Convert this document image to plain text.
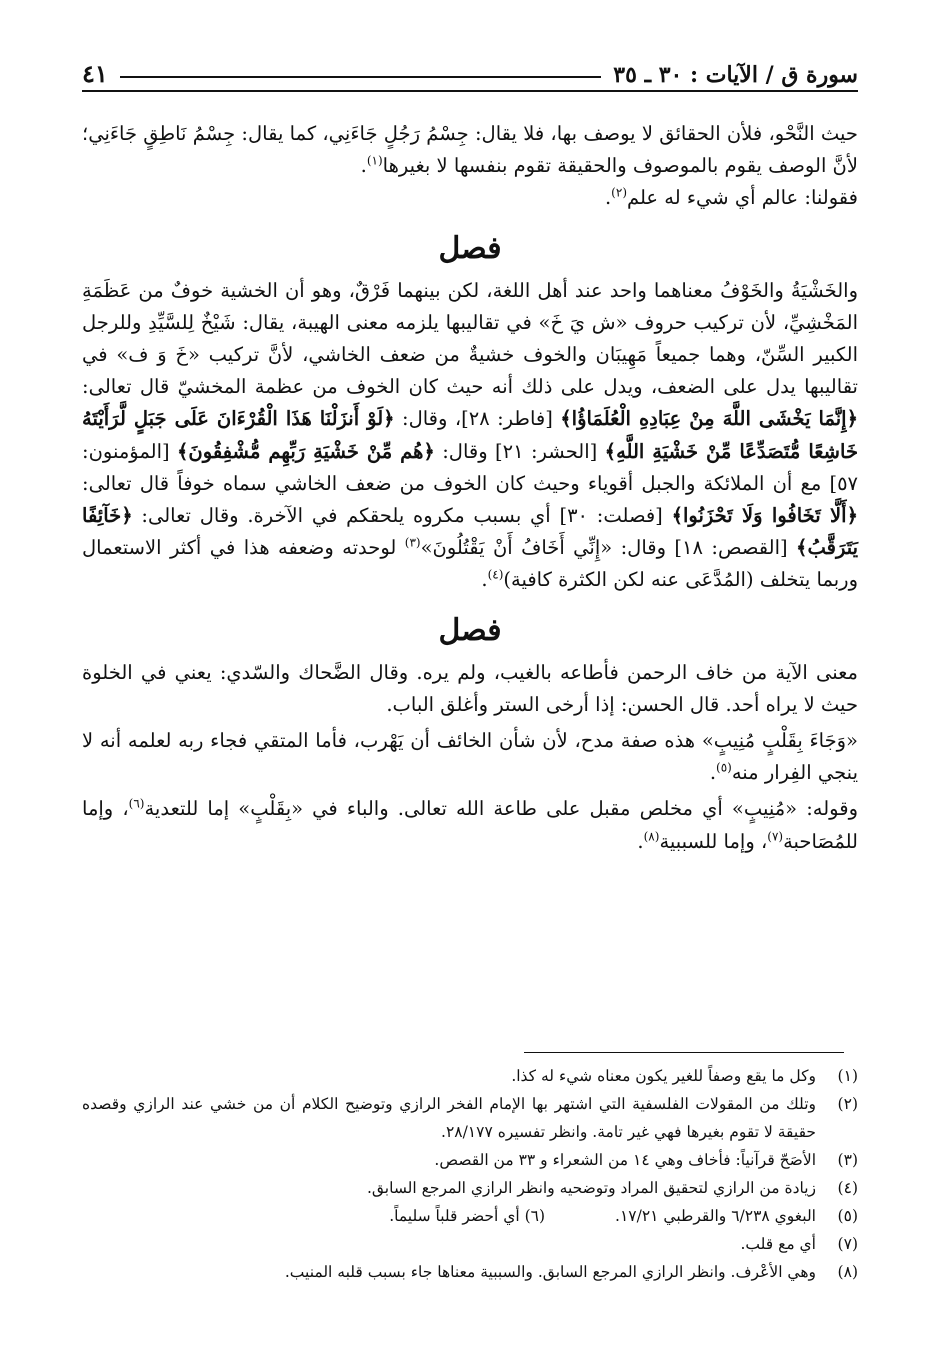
سورة ق / الآيات : ٣٠ ـ ٣٥
٤١

حيث النَّحْو، فلأن الحقائق لا يوصف بها، فلا يقال: جِسْمُ رَجُلٍ جَاءَنِي، كما يقال: جِسْمُ نَاطِقٍ جَاءَنِي؛ لأنَّ الوصف يقوم بالموصوف والحقيقة تقوم بنفسها لا بغيرها$^{(١)}$.

فقولنا: عالم أي شيء له علم$^{(٢)}$.

فصل

والخَشْيَةُ والخَوْفُ معناهما واحد عند أهل اللغة، لكن بينهما فَرْقٌ، وهو أن الخشية خوفٌ من عَظَمَةِ المَخْشِيِّ، لأن تركيب حروف «ش يَ خَ» في تقاليبها يلزمه معنى الهيبة، يقال: شَيْخٌ لِلسَّيِّدِ وللرجل الكبير السِّنّ، وهما جميعاً مَهِيبَان والخوف خشيةٌ من ضعف الخاشي، لأنَّ تركيب «خَ وَ ف» في تقاليبها يدل على الضعف، ويدل على ذلك أنه حيث كان الخوف من عظمة المخشيّ قال تعالى: ﴿إِنَّمَا يَخْشَى اللَّهَ مِنْ عِبَادِهِ الْعُلَمَاؤُا﴾ [فاطر: ٢٨]، وقال: ﴿لَوْ أَنزَلْنَا هَذَا الْقُرْءَانَ عَلَى جَبَلٍ لَّرَأَيْتَهُ خَاشِعًا مُّتَصَدِّعًا مِّنْ خَشْيَةِ اللَّهِ﴾ [الحشر: ٢١] وقال: ﴿هُم مِّنْ خَشْيَةِ رَبِّهِم مُّشْفِقُونَ﴾ [المؤمنون: ٥٧] مع أن الملائكة والجبل أقوياء وحيث كان الخوف من ضعف الخاشي سماه خوفاً قال تعالى: ﴿أَلَّا تَخَافُوا وَلَا تَحْزَنُوا﴾ [فصلت: ٣٠] أي بسبب مكروه يلحقكم في الآخرة. وقال تعالى: ﴿خَآئِفًا يَتَرَقَّبُ﴾ [القصص: ١٨] وقال: «إِنِّي أَخَافُ أَنْ يَقْتُلُونَ»$^{(٣)}$ لوحدته وضعفه هذا في أكثر الاستعمال وربما يتخلف (المُدَّعَى عنه لكن الكثرة كافية)$^{(٤)}$.

فصل

معنى الآية من خاف الرحمن فأطاعه بالغيب، ولم يره. وقال الضَّحاك والسّدي: يعني في الخلوة حيث لا يراه أحد. قال الحسن: إذا أرخى الستر وأغلق الباب.

«وَجَاءَ بِقَلْبٍ مُنِيبٍ» هذه صفة مدح، لأن شأن الخائف أن يَهْرب، فأما المتقي فجاء ربه لعلمه أنه لا ينجي الفِرار منه$^{(٥)}$.

وقوله: «مُنِيبٍ» أي مخلص مقبل على طاعة الله تعالى. والباء في «بِقَلْبٍ» إما للتعدية$^{(٦)}$، وإما للمُصَاحبة$^{(٧)}$، وإما للسببية$^{(٨)}$.

(١)
وكل ما يقع وصفاً للغير يكون معناه شيء له كذا.
(٢)
وتلك من المقولات الفلسفية التي اشتهر بها الإمام الفخر الرازي وتوضيح الكلام أن من خشي عند الرازي وقصده حقيقة لا تقوم بغيرها فهي غير تامة. وانظر تفسيره ٢٨/١٧٧.
(٣)
الأصَحّ قرآنياً: فأخاف وهي ١٤ من الشعراء و ٣٣ من القصص.
(٤)
زيادة من الرازي لتحقيق المراد وتوضحيه وانظر الرازي المرجع السابق.
(٥)
البغوي ٦/٢٣٨ والقرطبي ١٧/٢١.
(٦)

أي أحضر قلباً سليماً.
(٧)
أي مع قلب.
(٨)
وهي الأعْرف. وانظر الرازي المرجع السابق. والسببية معناها جاء بسبب قلبه المنيب.
